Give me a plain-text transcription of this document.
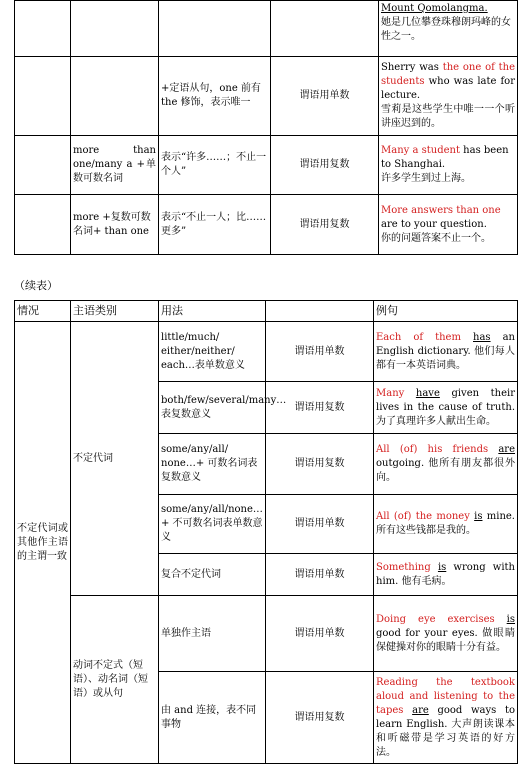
				Mount Qomolangma.
她是几位攀登珠穆朗玛峰的女性之一。

		+定语从句，one 前有 the 修饰，表示唯一	谓语用单数	Sherry was the one of the students who was late for lecture.
雪莉是这些学生中唯一一个听讲座迟到的。

	more than one/many a +单数可数名词	表示“许多……；不止一个人”	谓语用复数	Many a student has been to Shanghai.
许多学生到过上海。

	more +复数可数名词+ than one	表示“不止一人；比……更多”	谓语用复数	More answers than one are to your question.
你的问题答案不止一个。
（续表）
情况	主语类别	用法		例句
不定代词或其他作主语的主谓一致	不定代词	little/much/ either/neither/ each…表单数意义	谓语用单数	Each of them has an English dictionary. 他们每人都有一本英语词典。
		both/few/several/many… 表复数意义	谓语用复数	Many have given their lives in the cause of truth. 为了真理许多人献出生命。
		some/any/all/ none…+ 可数名词表复数意义	谓语用复数	All (of) his friends are outgoing. 他所有朋友都很外向。
		some/any/all/none… + 不可数名词表单数意义	谓语用单数	All (of) the money is mine. 所有这些钱都是我的。
		复合不定代词	谓语用单数	Something is wrong with him. 他有毛病。
	动词不定式（短语）、动名词（短语）或从句	单独作主语	谓语用单数	Doing eye exercises is good for your eyes. 做眼睛保健操对你的眼睛十分有益。
		由 and 连接，表不同事物	谓语用复数	Reading the textbook aloud and listening to the tapes are good ways to learn English. 大声朗读课本和听磁带是学习英语的好方法。
